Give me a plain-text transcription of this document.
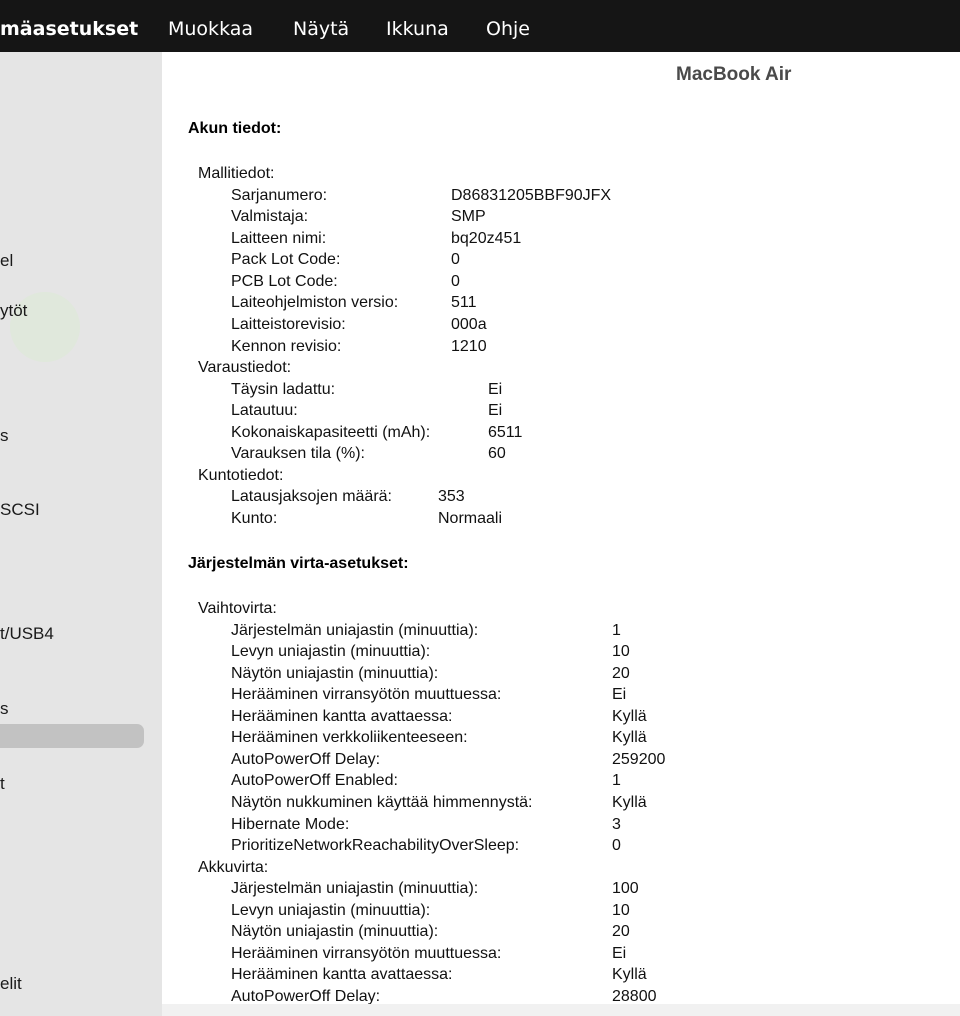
mäasetukset Muokkaa Näytä Ikkuna Ohje
el
ytöt
s
SCSI
t/USB4
s
t
elit
MacBook Air
Akun tiedot:
Mallitiedot:
Sarjanumero:	D86831205BBF90JFX
Valmistaja:	SMP
Laitteen nimi:	bq20z451
Pack Lot Code:	0
PCB Lot Code:	0
Laiteohjelmiston versio:	511
Laitteistorevisio:	000a
Kennon revisio:	1210
Varaustiedot:
Täysin ladattu:	Ei
Latautuu:	Ei
Kokonaiskapasiteetti (mAh):	6511
Varauksen tila (%):	60
Kuntotiedot:
Latausjaksojen määrä:	353
Kunto:	Normaali
Järjestelmän virta-asetukset:
Vaihtovirta:
Järjestelmän uniajastin (minuuttia):	1
Levyn uniajastin (minuuttia):	10
Näytön uniajastin (minuuttia):	20
Herääminen virransyötön muuttuessa:	Ei
Herääminen kantta avattaessa:	Kyllä
Herääminen verkkoliikenteeseen:	Kyllä
AutoPowerOff Delay:	259200
AutoPowerOff Enabled:	1
Näytön nukkuminen käyttää himmennystä:	Kyllä
Hibernate Mode:	3
PrioritizeNetworkReachabilityOverSleep:	0
Akkuvirta:
Järjestelmän uniajastin (minuuttia):	100
Levyn uniajastin (minuuttia):	10
Näytön uniajastin (minuuttia):	20
Herääminen virransyötön muuttuessa:	Ei
Herääminen kantta avattaessa:	Kyllä
AutoPowerOff Delay:	28800
